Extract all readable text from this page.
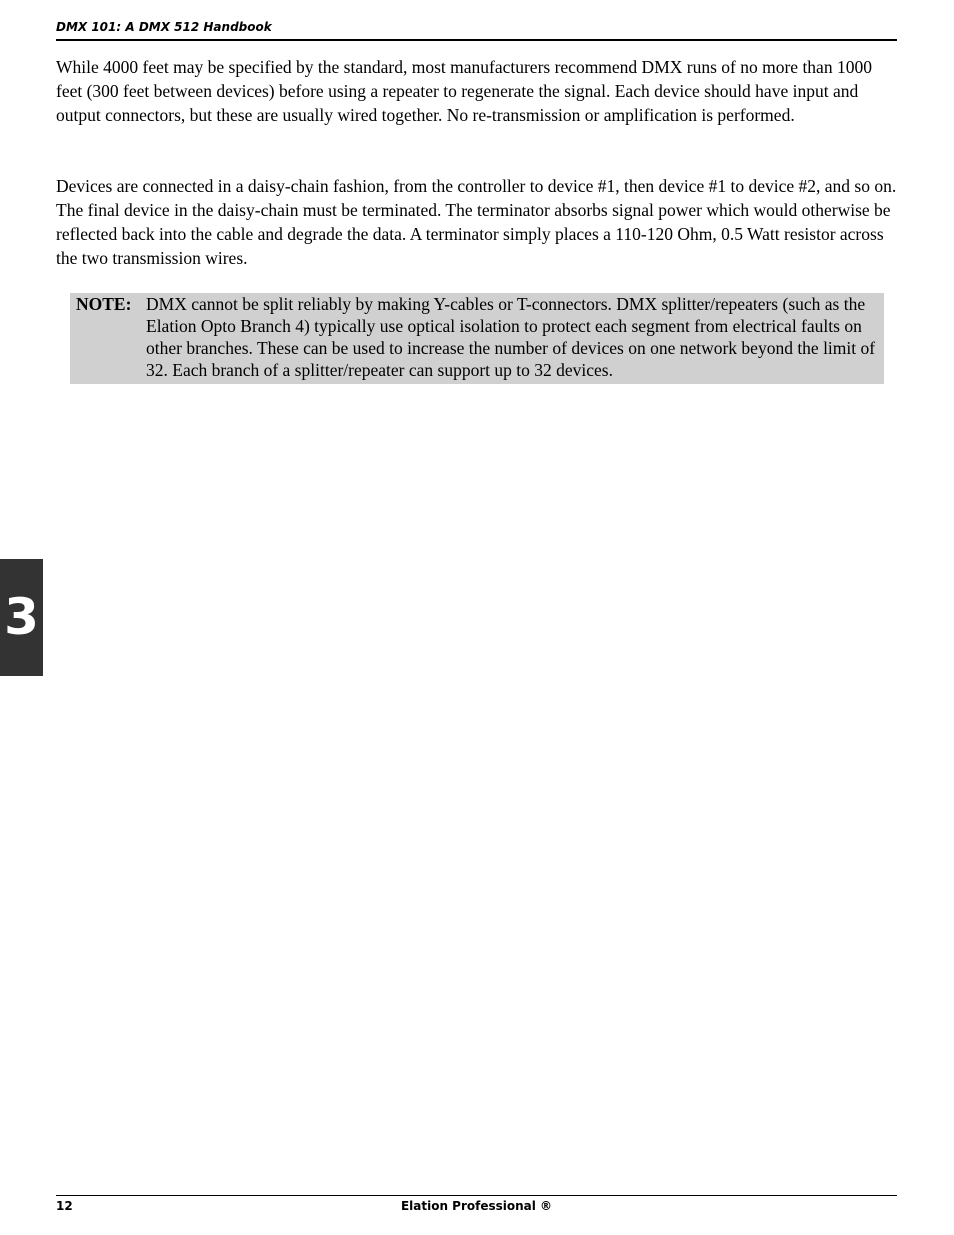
DMX 101: A DMX 512 Handbook

While 4000 feet may be specified by the standard, most manufacturers recommend DMX runs of no more than 1000 feet (300 feet between devices) before using a repeater to regenerate the signal. Each device should have input and output connectors, but these are usually wired together. No re-transmission or amplification is performed.

Devices are connected in a daisy-chain fashion, from the controller to device #1, then device #1 to device #2, and so on. The final device in the daisy-chain must be terminated. The terminator absorbs signal power which would otherwise be reflected back into the cable and degrade the data. A terminator simply places a 110-120 Ohm, 0.5 Watt resistor across the two transmission wires.

NOTE: DMX cannot be split reliably by making Y-cables or T-connectors. DMX splitter/repeaters (such as the Elation Opto Branch 4) typically use optical isolation to protect each segment from electrical faults on other branches. These can be used to increase the number of devices on one network beyond the limit of 32. Each branch of a splitter/repeater can support up to 32 devices.
3
12	Elation Professional ®
